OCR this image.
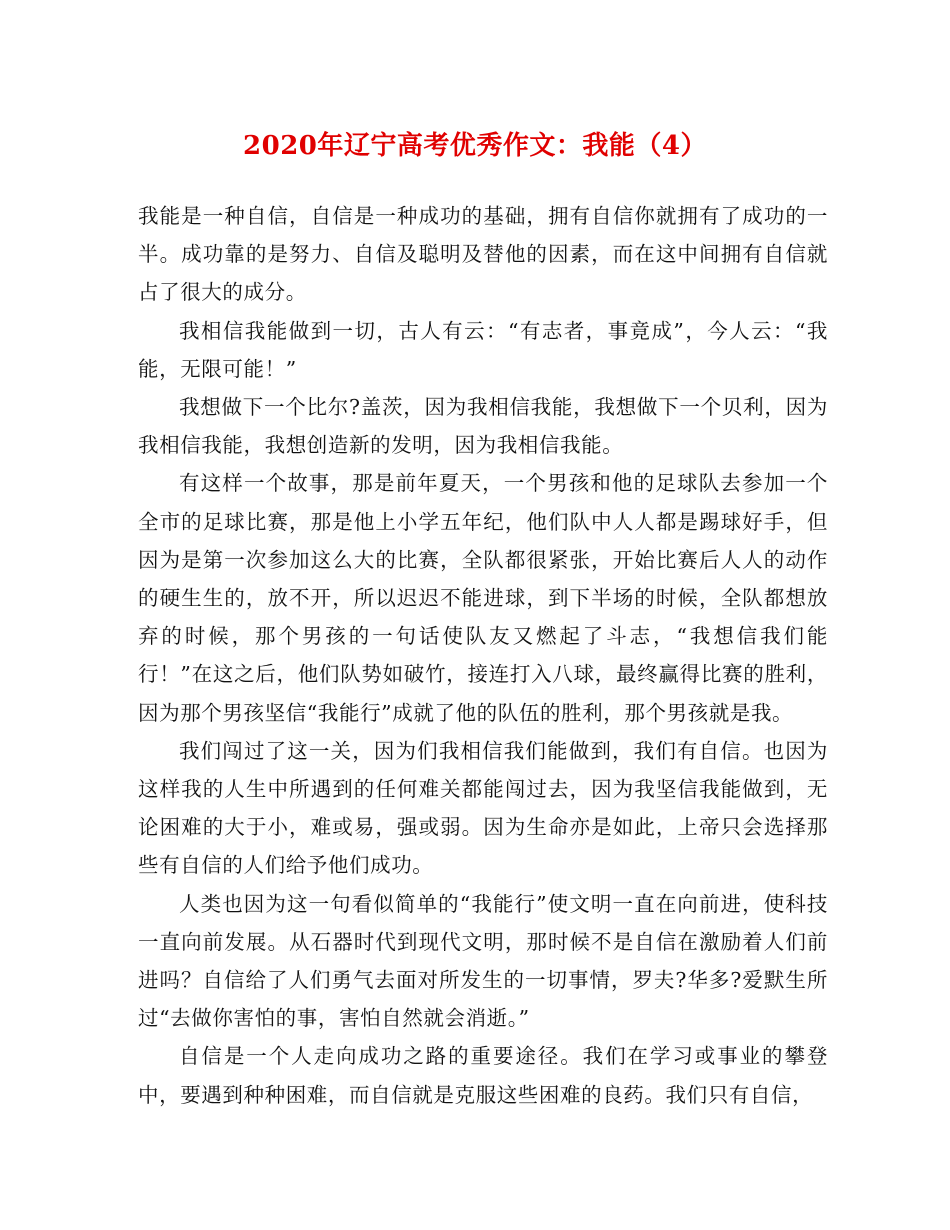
2020年辽宁高考优秀作文：我能（4）

我能是一种自信，自信是一种成功的基础，拥有自信你就拥有了成功的一半。成功靠的是努力、自信及聪明及替他的因素，而在这中间拥有自信就占了很大的成分。

我相信我能做到一切，古人有云：“有志者，事竟成”，今人云：“我能，无限可能！”

我想做下一个比尔?盖茨，因为我相信我能，我想做下一个贝利，因为我相信我能，我想创造新的发明，因为我相信我能。

有这样一个故事，那是前年夏天，一个男孩和他的足球队去参加一个全市的足球比赛，那是他上小学五年纪，他们队中人人都是踢球好手，但因为是第一次参加这么大的比赛，全队都很紧张，开始比赛后人人的动作的硬生生的，放不开，所以迟迟不能进球，到下半场的时候，全队都想放弃的时候，那个男孩的一句话使队友又燃起了斗志，“我想信我们能行！”在这之后，他们队势如破竹，接连打入八球，最终赢得比赛的胜利，因为那个男孩坚信“我能行”成就了他的队伍的胜利，那个男孩就是我。

我们闯过了这一关，因为们我相信我们能做到，我们有自信。也因为这样我的人生中所遇到的任何难关都能闯过去，因为我坚信我能做到，无论困难的大于小，难或易，强或弱。因为生命亦是如此，上帝只会选择那些有自信的人们给予他们成功。

人类也因为这一句看似简单的“我能行”使文明一直在向前进，使科技一直向前发展。从石器时代到现代文明，那时候不是自信在激励着人们前进吗？自信给了人们勇气去面对所发生的一切事情，罗夫?华多?爱默生所过“去做你害怕的事，害怕自然就会消逝。”

自信是一个人走向成功之路的重要途径。我们在学习或事业的攀登中，要遇到种种困难，而自信就是克服这些困难的良药。我们只有自信，
